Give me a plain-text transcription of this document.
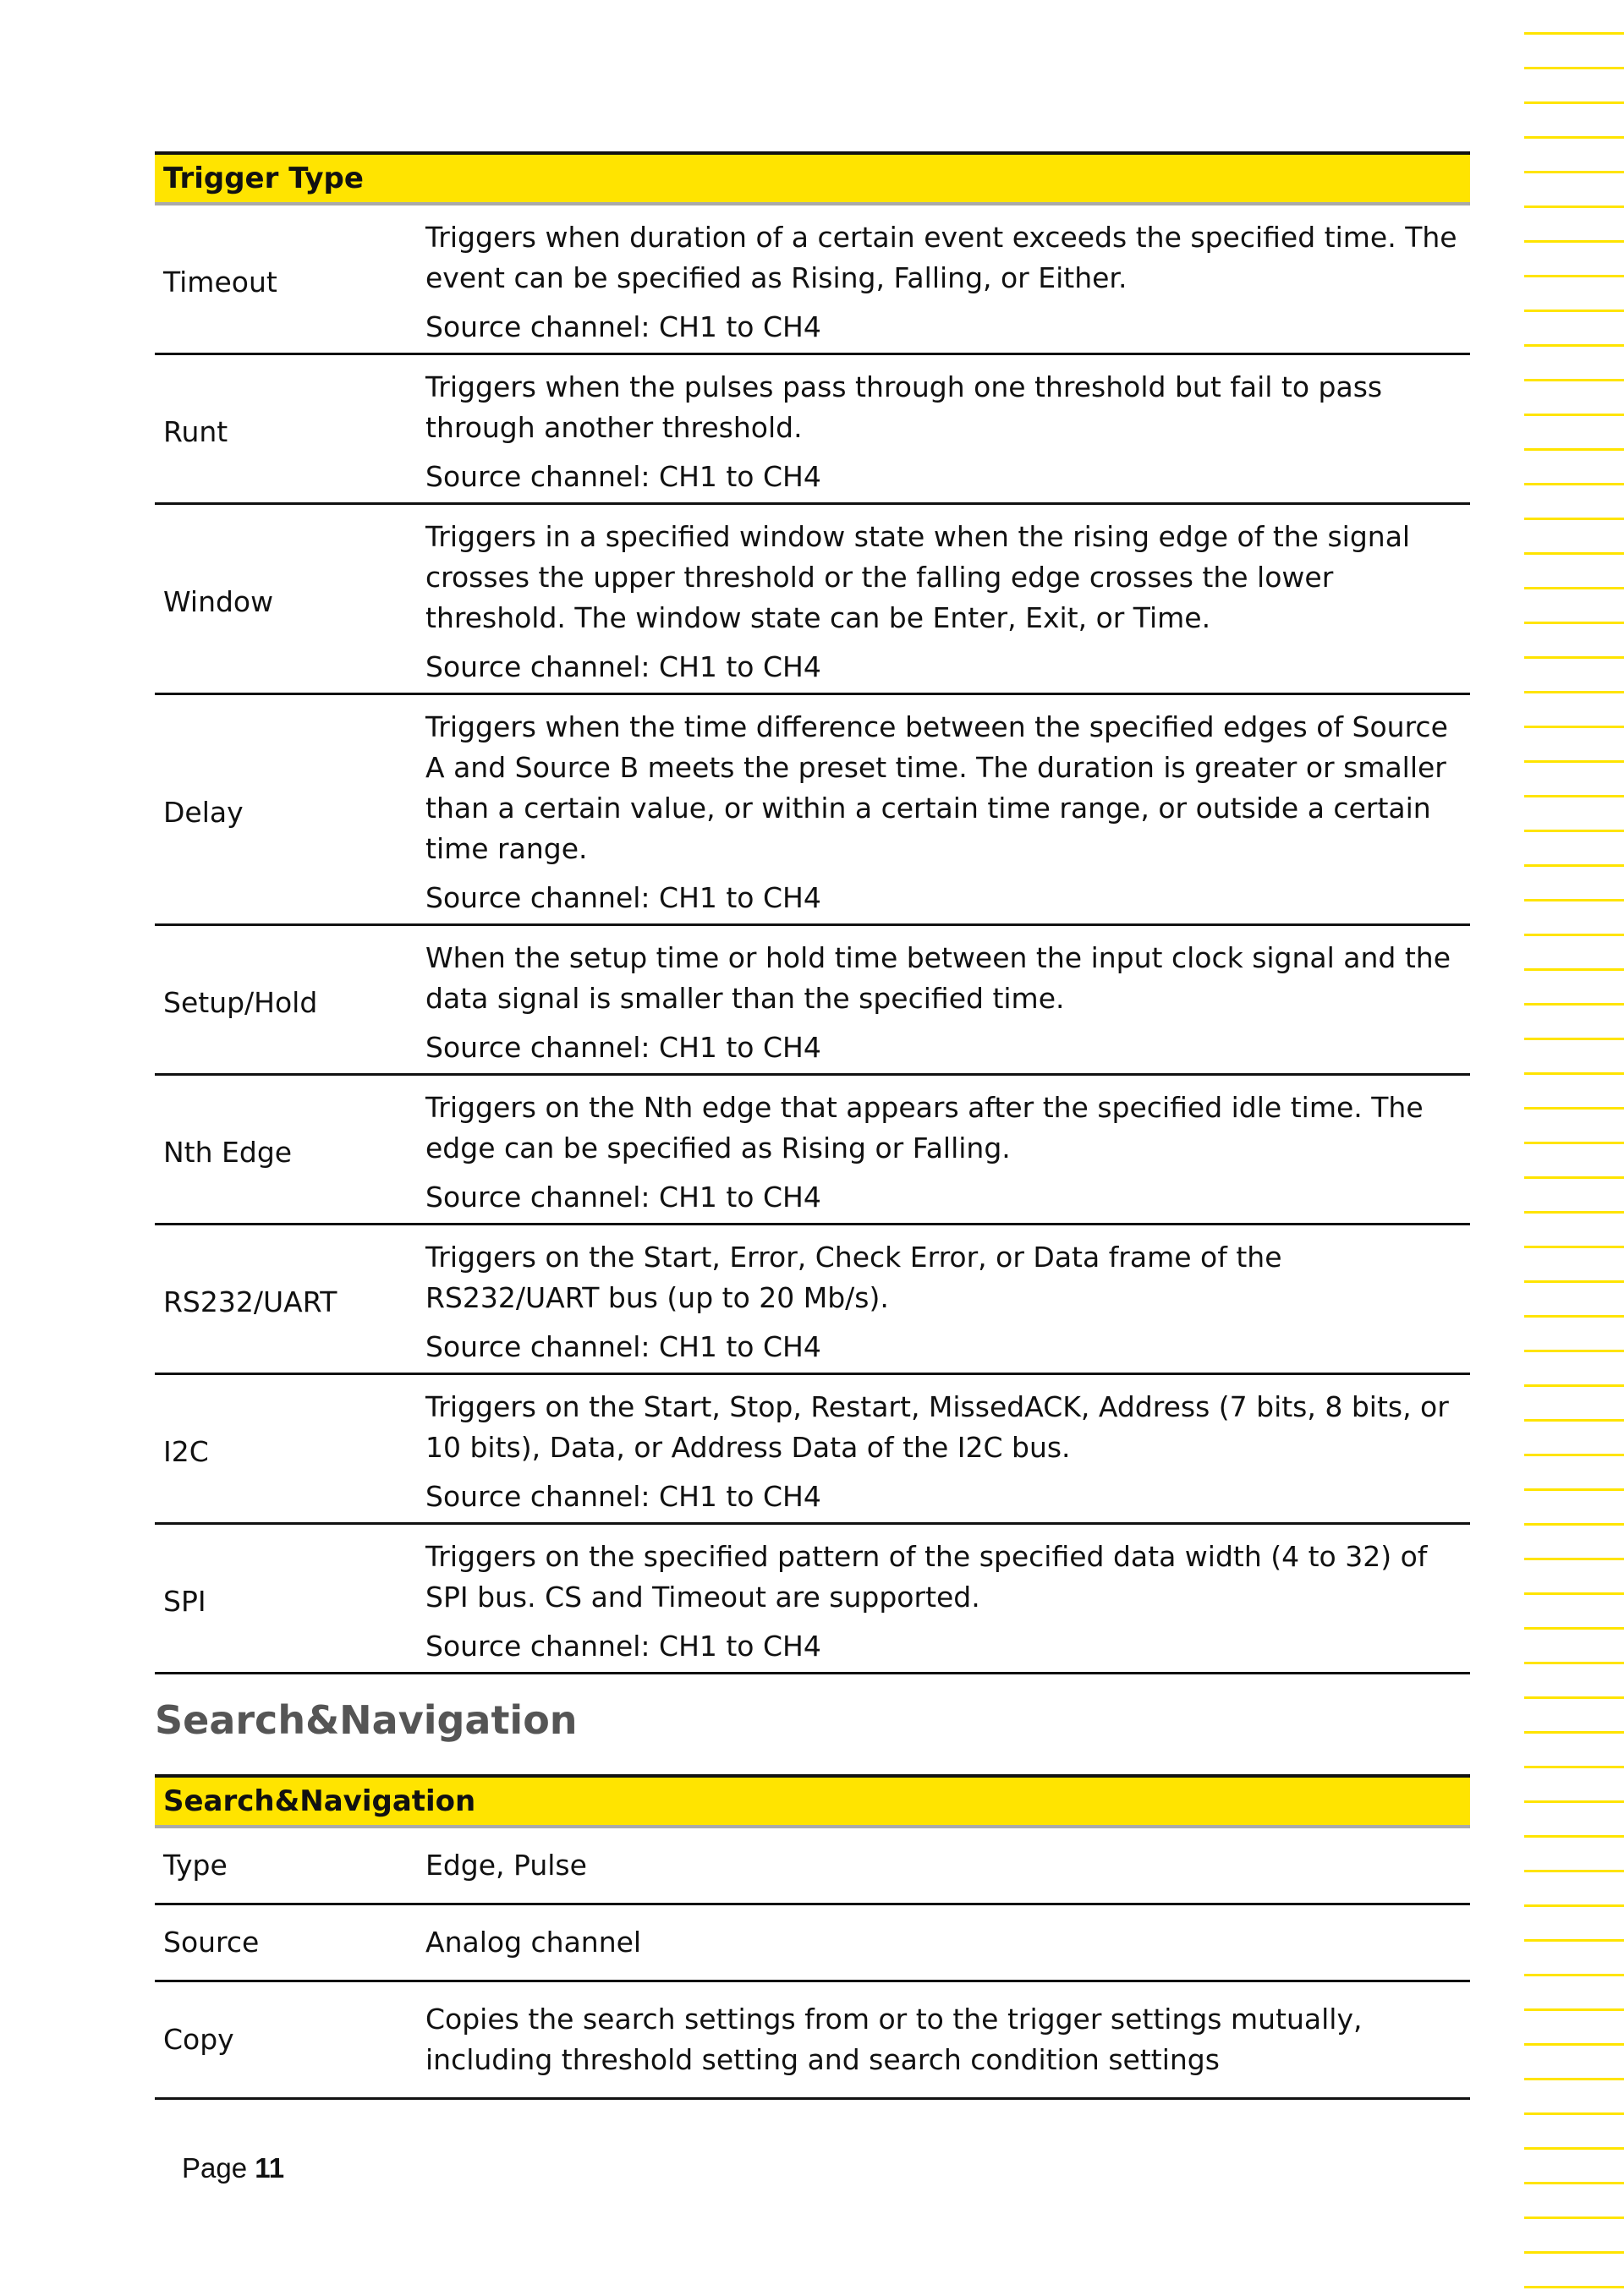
Trigger Type	
Timeout	Triggers when duration of a certain event exceeds the specified time. The event can be specified as Rising, Falling, or Either.
Source channel: CH1 to CH4

Runt	Triggers when the pulses pass through one threshold but fail to pass through another threshold.
Source channel: CH1 to CH4

Window	Triggers in a specified window state when the rising edge of the signal crosses the upper threshold or the falling edge crosses the lower threshold. The window state can be Enter, Exit, or Time.
Source channel: CH1 to CH4

Delay	Triggers when the time difference between the specified edges of Source A and Source B meets the preset time. The duration is greater or smaller than a certain value, or within a certain time range, or outside a certain time range.
Source channel: CH1 to CH4

Setup/Hold	When the setup time or hold time between the input clock signal and the data signal is smaller than the specified time.
Source channel: CH1 to CH4

Nth Edge	Triggers on the Nth edge that appears after the specified idle time. The edge can be specified as Rising or Falling.
Source channel: CH1 to CH4

RS232/UART	Triggers on the Start, Error, Check Error, or Data frame of the RS232/UART bus (up to 20 Mb/s).
Source channel: CH1 to CH4

I2C	Triggers on the Start, Stop, Restart, MissedACK, Address (7 bits, 8 bits, or 10 bits), Data, or Address Data of the I2C bus.
Source channel: CH1 to CH4

SPI	Triggers on the specified pattern of the specified data width (4 to 32) of SPI bus. CS and Timeout are supported.
Source channel: CH1 to CH4
Search&Navigation
Search&Navigation	
Type	Edge, Pulse
Source	Analog channel
Copy	Copies the search settings from or to the trigger settings mutually, including threshold setting and search condition settings
Page 11
